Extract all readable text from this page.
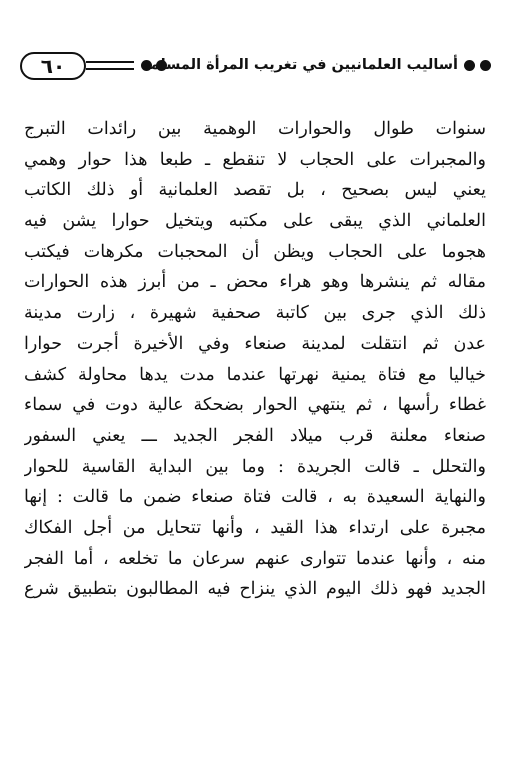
٦٠	أساليب العلمانيين في تغريب المرأة المسلمة
سنوات طوال والحوارات الوهمية بين رائدات التبرج
والمجبرات على الحجاب لا تنقطع ـ طبعا هذا حوار وهمي
يعني ليس بصحيح ، بل تقصد العلمانية أو ذلك الكاتب
العلماني الذي يبقى على مكتبه ويتخيل حوارا يشن فيه
هجوما على الحجاب ويظن أن المحجبات مكرهات فيكتب
مقاله ثم ينشرها وهو هراء محض ـ من أبرز هذه الحوارات
ذلك الذي جرى بين كاتبة صحفية شهيرة ، زارت مدينة
عدن ثم انتقلت لمدينة صنعاء وفي الأخيرة أجرت حوارا
خياليا مع فتاة يمنية نهرتها عندما مدت يدها محاولة كشف
غطاء رأسها ، ثم ينتهي الحوار بضحكة عالية دوت في سماء
صنعاء معلنة قرب ميلاد الفجر الجديد ـــ يعني السفور
والتحلل ـ قالت الجريدة : وما بين البداية القاسية للحوار
والنهاية السعيدة به ، قالت فتاة صنعاء ضمن ما قالت : إنها
مجبرة على ارتداء هذا القيد ، وأنها تتحايل من أجل الفكاك
منه ، وأنها عندما تتوارى عنهم سرعان ما تخلعه ، أما الفجر
الجديد فهو ذلك اليوم الذي ينزاح فيه المطالبون بتطبيق شرع
